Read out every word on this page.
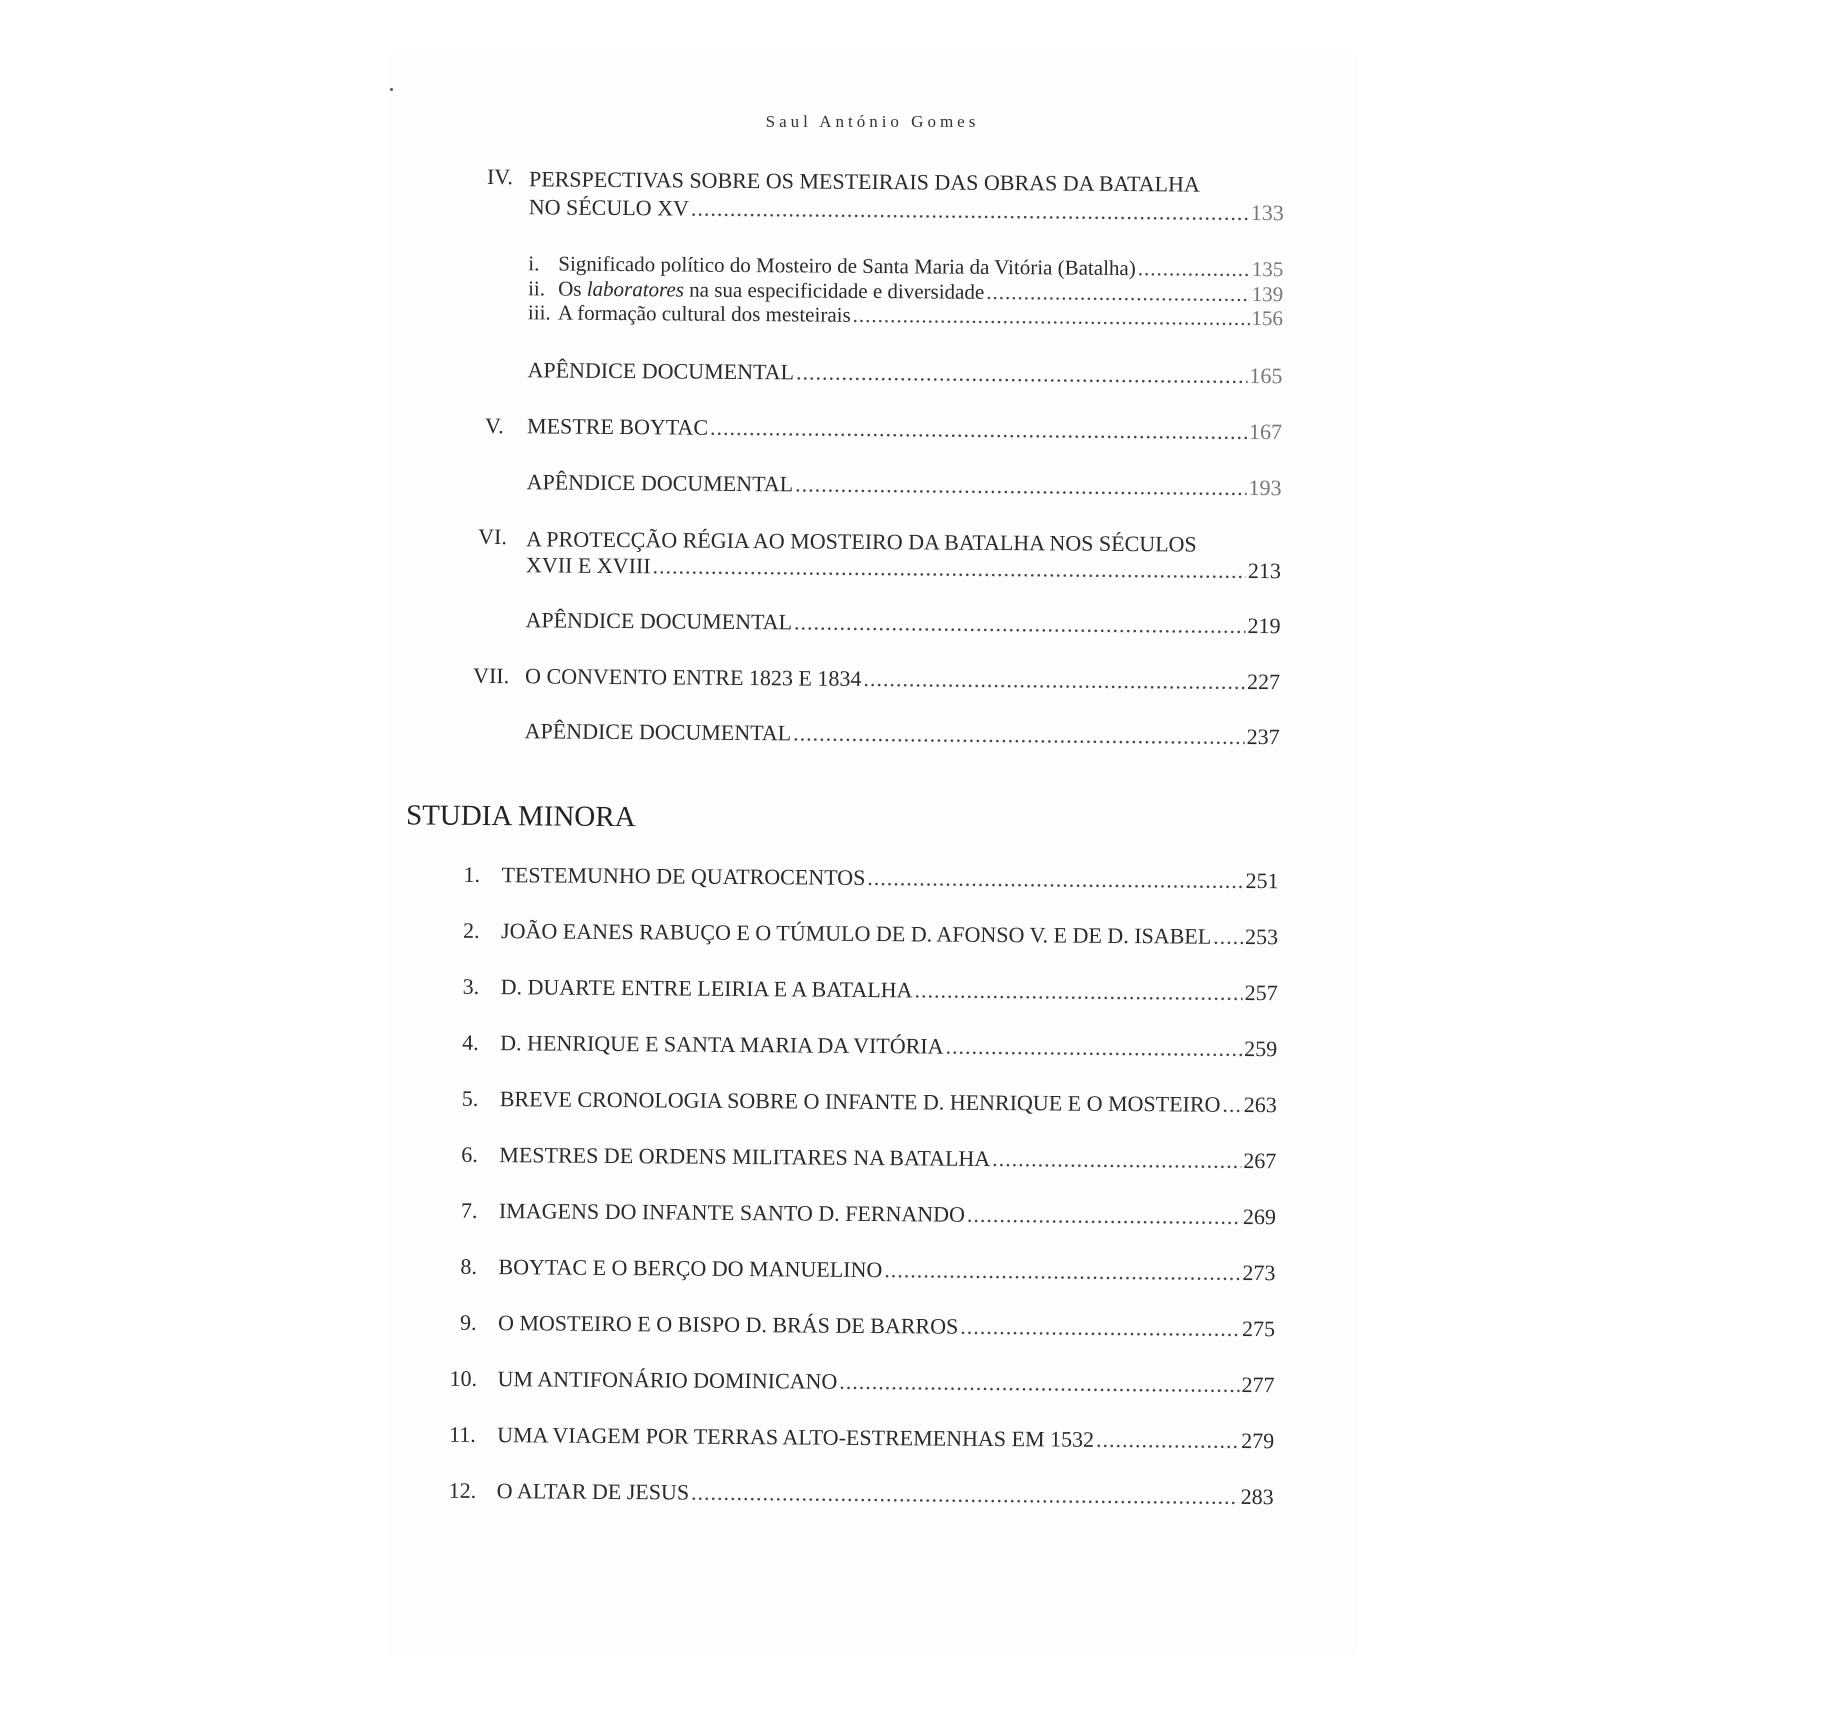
Saul António Gomes
IV. PERSPECTIVAS SOBRE OS MESTEIRAIS DAS OBRAS DA BATALHA
NO SÉCULO XV .....	133
i. Significado político do Mosteiro de Santa Maria da Vitória (Batalha) .....	135
ii. Os laboratores na sua especificidade e diversidade .....	139
iii. A formação cultural dos mesteirais .....	156
APÊNDICE DOCUMENTAL .....	165
V. MESTRE BOYTAC .....	167
APÊNDICE DOCUMENTAL .....	193
VI. A PROTECÇÃO RÉGIA AO MOSTEIRO DA BATALHA NOS SÉCULOS
XVII E XVIII .....	213
APÊNDICE DOCUMENTAL .....	219
VII. O CONVENTO ENTRE 1823 E 1834 .....	227
APÊNDICE DOCUMENTAL .....	237
STUDIA MINORA
1. TESTEMUNHO DE QUATROCENTOS .....	251
2. JOÃO EANES RABUÇO E O TÚMULO DE D. AFONSO V. E DE D. ISABEL ..... 253
3. D. DUARTE ENTRE LEIRIA E A BATALHA .....	257
4. D. HENRIQUE E SANTA MARIA DA VITÓRIA .....	259
5. BREVE CRONOLOGIA SOBRE O INFANTE D. HENRIQUE E O MOSTEIRO ..... 263
6. MESTRES DE ORDENS MILITARES NA BATALHA .....	267
7. IMAGENS DO INFANTE SANTO D. FERNANDO .....	269
8. BOYTAC E O BERÇO DO MANUELINO .....	273
9. O MOSTEIRO E O BISPO D. BRÁS DE BARROS .....	275
10. UM ANTIFONÁRIO DOMINICANO .....	277
11. UMA VIAGEM POR TERRAS ALTO-ESTREMENHAS EM 1532 .....	279
12. O ALTAR DE JESUS .....	283
